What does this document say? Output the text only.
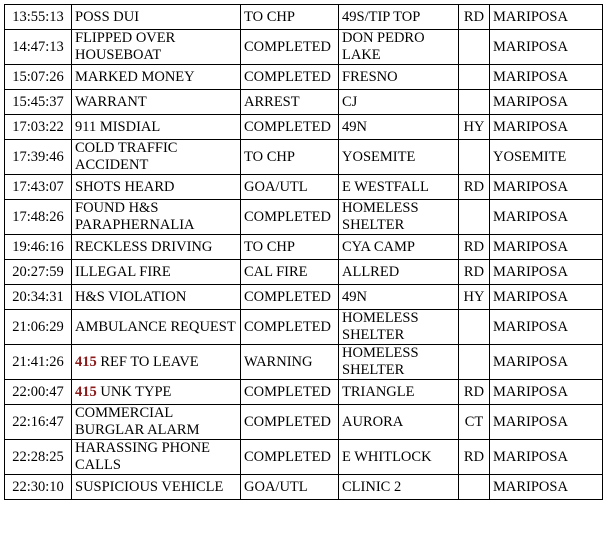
13:55:13	POSS DUI	TO CHP	49S/TIP TOP	RD	MARIPOSA
14:47:13	FLIPPED OVER HOUSEBOAT	COMPLETED	DON PEDRO LAKE		MARIPOSA
15:07:26	MARKED MONEY	COMPLETED	FRESNO		MARIPOSA
15:45:37	WARRANT	ARREST	CJ		MARIPOSA
17:03:22	911 MISDIAL	COMPLETED	49N	HY	MARIPOSA
17:39:46	COLD TRAFFIC ACCIDENT	TO CHP	YOSEMITE		YOSEMITE
17:43:07	SHOTS HEARD	GOA/UTL	E WESTFALL	RD	MARIPOSA
17:48:26	FOUND H&S PARAPHERNALIA	COMPLETED	HOMELESS SHELTER		MARIPOSA
19:46:16	RECKLESS DRIVING	TO CHP	CYA CAMP	RD	MARIPOSA
20:27:59	ILLEGAL FIRE	CAL FIRE	ALLRED	RD	MARIPOSA
20:34:31	H&S VIOLATION	COMPLETED	49N	HY	MARIPOSA
21:06:29	AMBULANCE REQUEST	COMPLETED	HOMELESS SHELTER		MARIPOSA
21:41:26	415 REF TO LEAVE	WARNING	HOMELESS SHELTER		MARIPOSA
22:00:47	415 UNK TYPE	COMPLETED	TRIANGLE	RD	MARIPOSA
22:16:47	COMMERCIAL BURGLAR ALARM	COMPLETED	AURORA	CT	MARIPOSA
22:28:25	HARASSING PHONE CALLS	COMPLETED	E WHITLOCK	RD	MARIPOSA
22:30:10	SUSPICIOUS VEHICLE	GOA/UTL	CLINIC 2		MARIPOSA
